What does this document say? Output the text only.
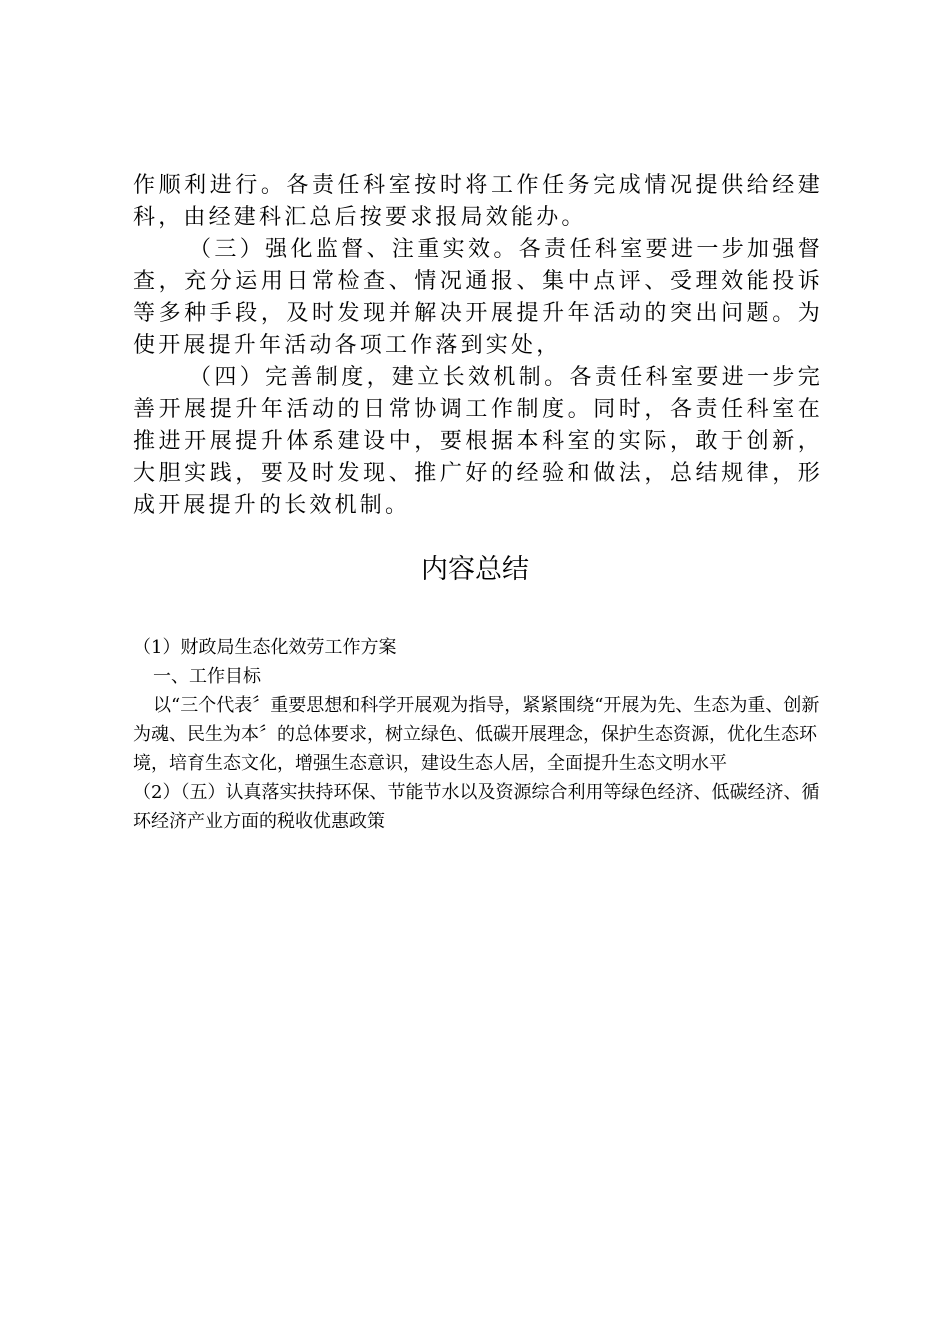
作顺利进行。各责任科室按时将工作任务完成情况提供给经建科，由经建科汇总后按要求报局效能办。

（三）强化监督、注重实效。各责任科室要进一步加强督查，充分运用日常检查、情况通报、集中点评、受理效能投诉等多种手段，及时发现并解决开展提升年活动的突出问题。为使开展提升年活动各项工作落到实处，

（四）完善制度，建立长效机制。各责任科室要进一步完善开展提升年活动的日常协调工作制度。同时，各责任科室在推进开展提升体系建设中，要根据本科室的实际，敢于创新，大胆实践，要及时发现、推广好的经验和做法，总结规律，形成开展提升的长效机制。

内容总结

（1）财政局生态化效劳工作方案

一、工作目标

以“三个代表〞重要思想和科学开展观为指导，紧紧围绕“开展为先、生态为重、创新为魂、民生为本〞的总体要求，树立绿色、低碳开展理念，保护生态资源，优化生态环境，培育生态文化，增强生态意识，建设生态人居，全面提升生态文明水平

（2）（五）认真落实扶持环保、节能节水以及资源综合利用等绿色经济、低碳经济、循环经济产业方面的税收优惠政策
